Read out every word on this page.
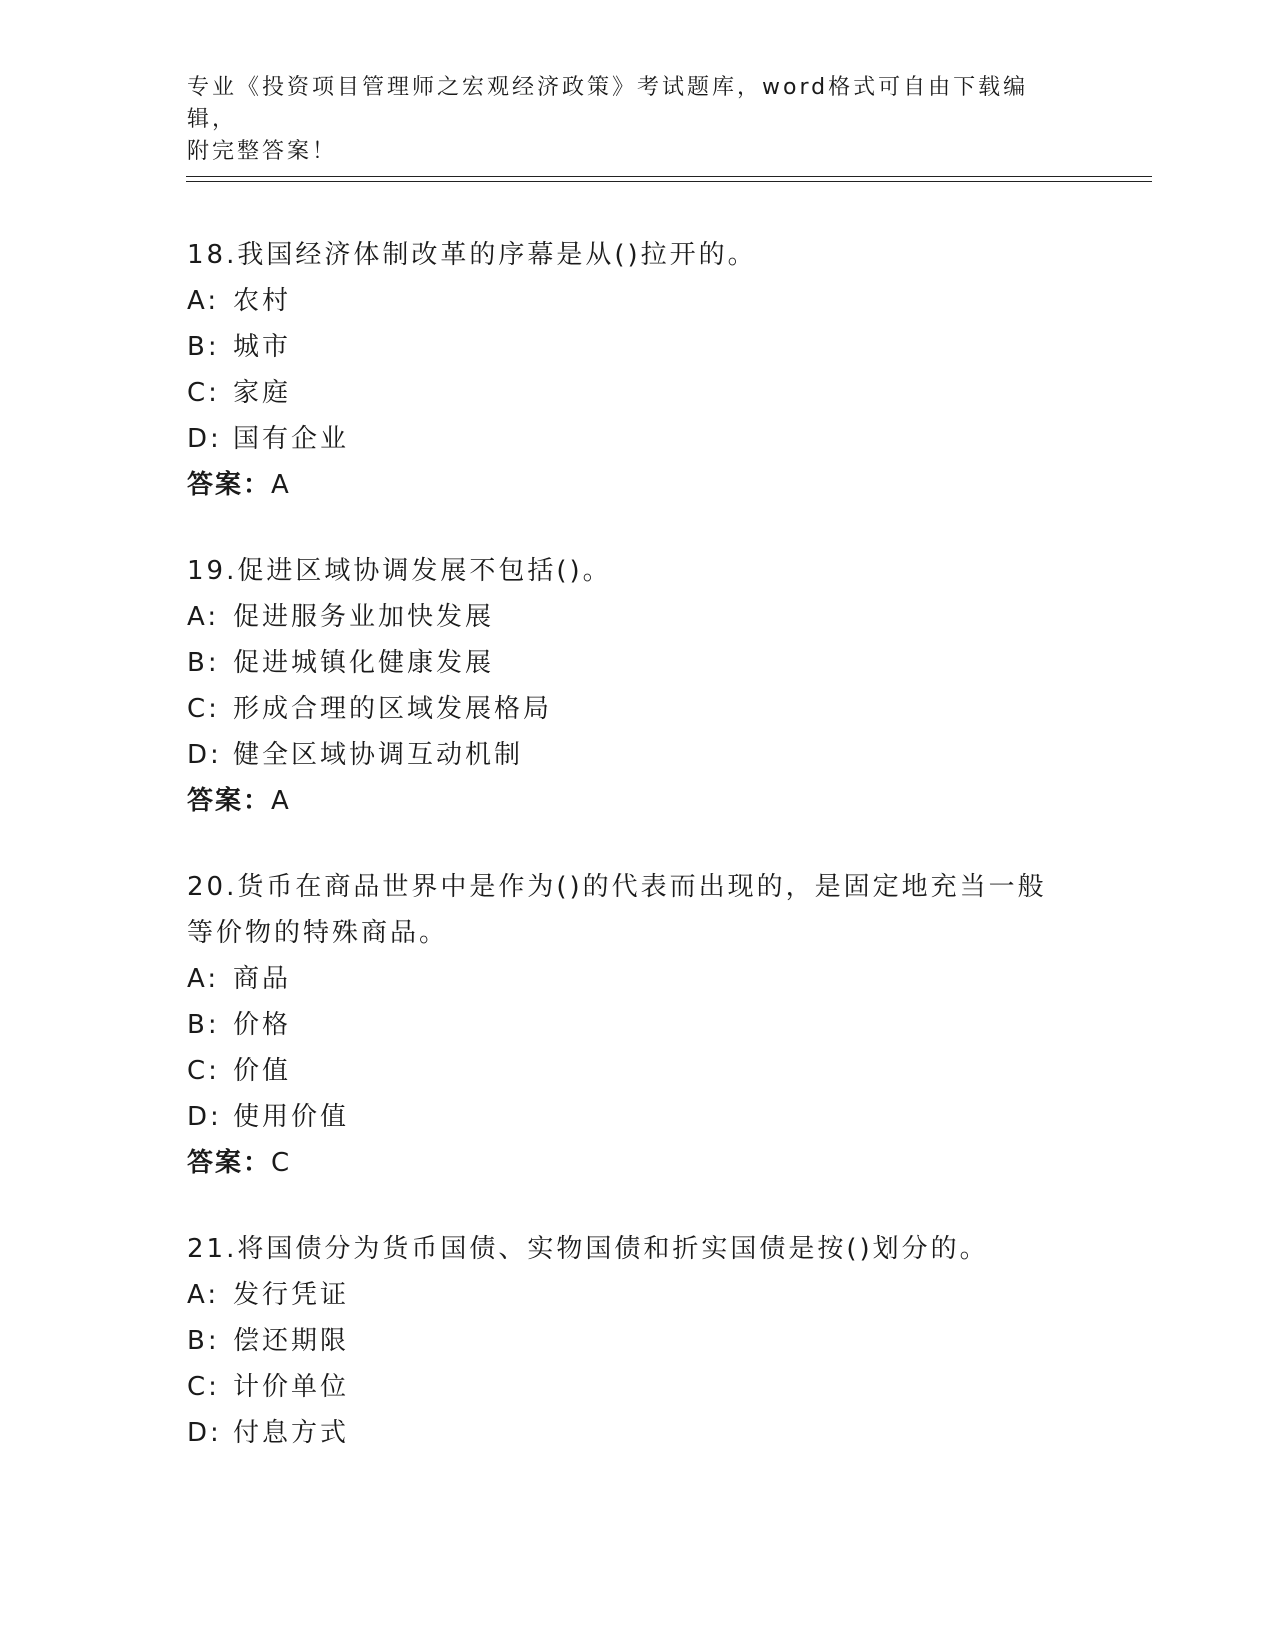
专业《投资项目管理师之宏观经济政策》考试题库，word格式可自由下载编辑，
附完整答案！
18.我国经济体制改革的序幕是从()拉开的。
A: 农村
B: 城市
C: 家庭
D: 国有企业
答案：A
19.促进区域协调发展不包括()。
A: 促进服务业加快发展
B: 促进城镇化健康发展
C: 形成合理的区域发展格局
D: 健全区域协调互动机制
答案：A
20.货币在商品世界中是作为()的代表而出现的，是固定地充当一般等价物的特殊商品。
A: 商品
B: 价格
C: 价值
D: 使用价值
答案：C
21.将国债分为货币国债、实物国债和折实国债是按()划分的。
A: 发行凭证
B: 偿还期限
C: 计价单位
D: 付息方式
